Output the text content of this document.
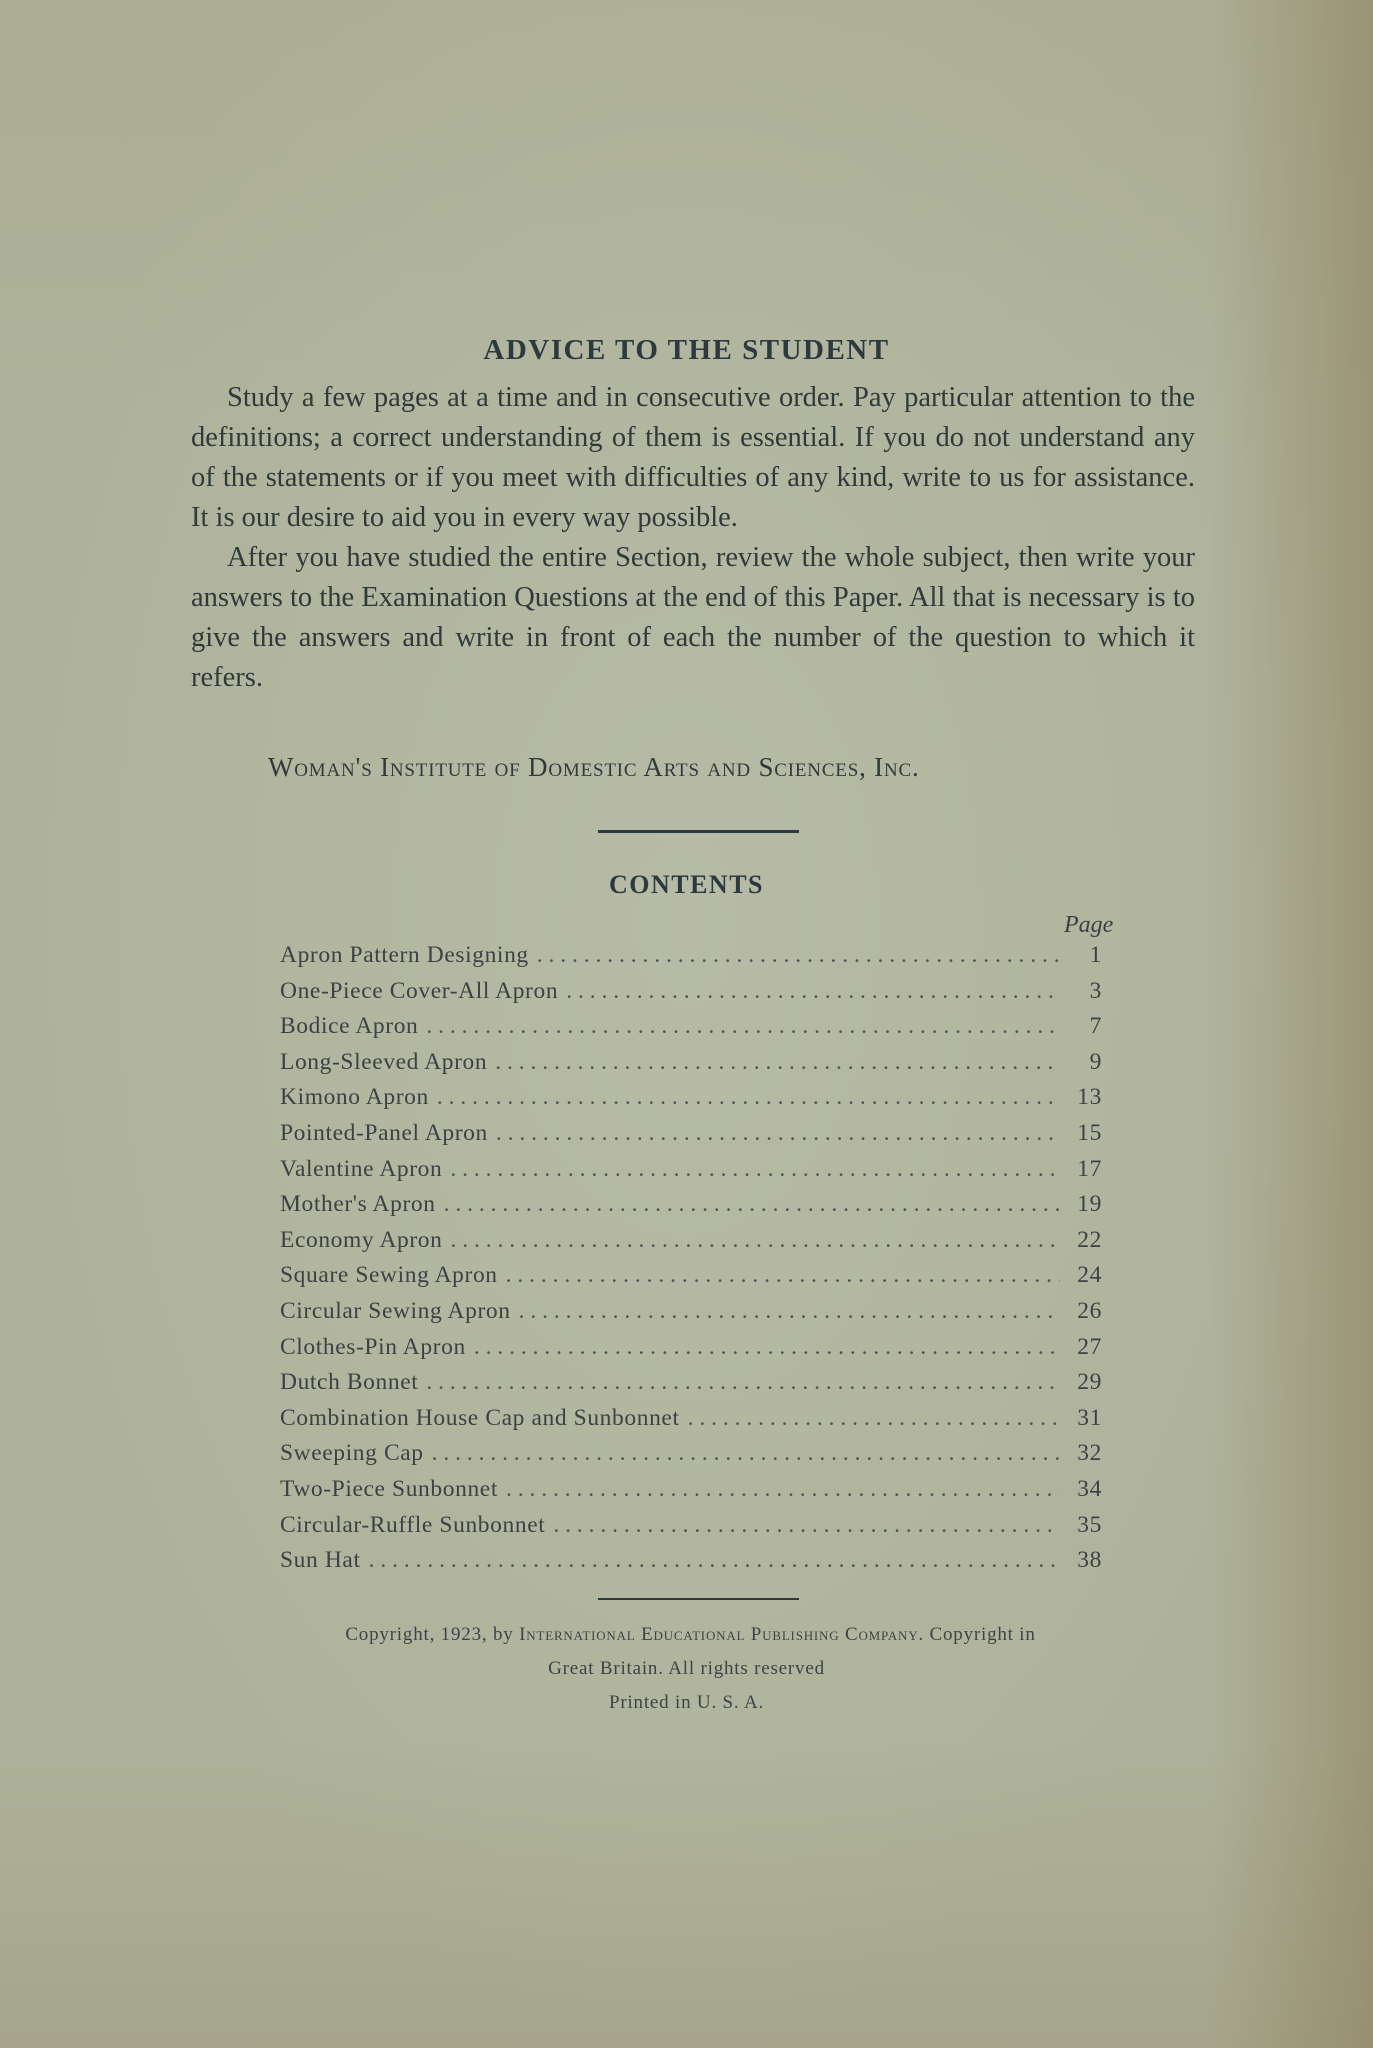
ADVICE TO THE STUDENT

Study a few pages at a time and in consecutive order. Pay particular attention to the definitions; a correct understanding of them is essential. If you do not understand any of the statements or if you meet with difficulties of any kind, write to us for assistance. It is our desire to aid you in every way possible.

After you have studied the entire Section, review the whole subject, then write your answers to the Examination Questions at the end of this Paper. All that is necessary is to give the answers and write in front of each the number of the question to which it refers.

Woman's Institute of Domestic Arts and Sciences, Inc.
CONTENTS
Page
Apron Pattern Designing . . .	1
One-Piece Cover-All Apron . . .	3
Bodice Apron . . .	7
Long-Sleeved Apron . . .	9
Kimono Apron . . .	13
Pointed-Panel Apron . . .	15
Valentine Apron . . .	17
Mother's Apron . . .	19
Economy Apron . . .	22
Square Sewing Apron . . .	24
Circular Sewing Apron . . .	26
Clothes-Pin Apron . . .	27
Dutch Bonnet . . .	29
Combination House Cap and Sunbonnet . . .	31
Sweeping Cap . . .	32
Two-Piece Sunbonnet . . .	34
Circular-Ruffle Sunbonnet . . .	35
Sun Hat . . .	38
Copyright, 1923, by International Educational Publishing Company. Copyright in
Great Britain. All rights reserved
Printed in U. S. A.
